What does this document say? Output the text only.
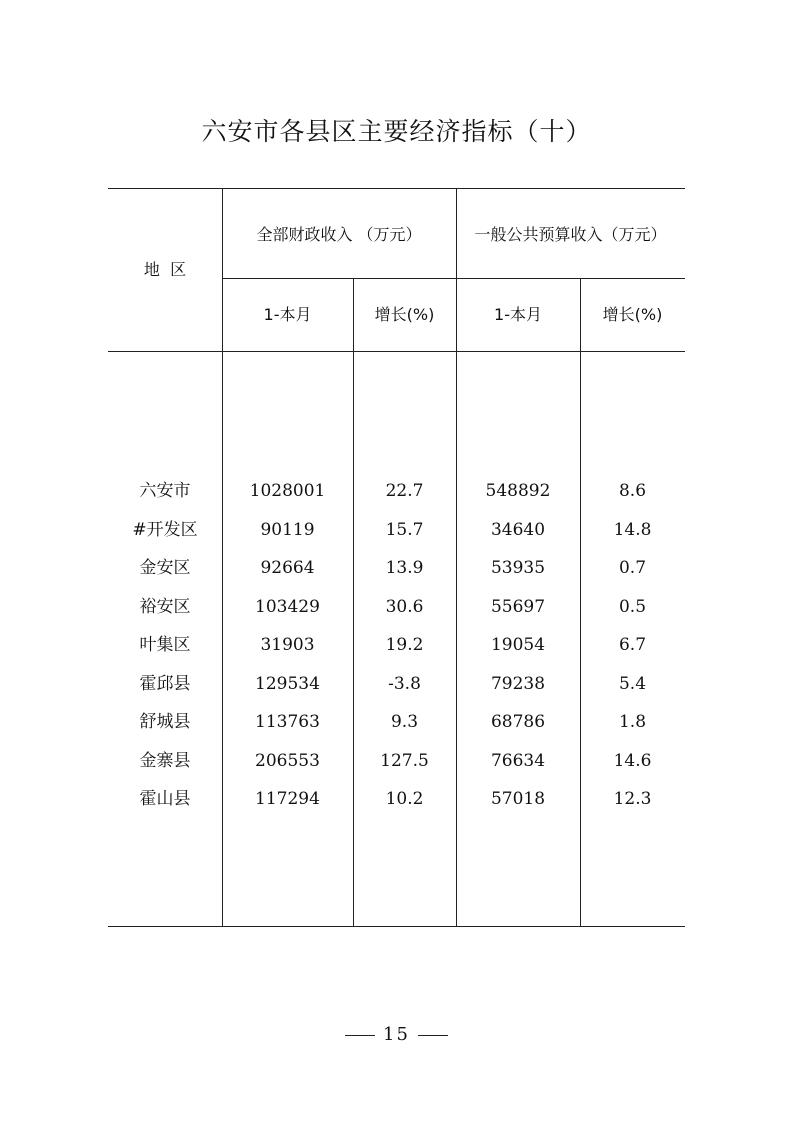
六安市各县区主要经济指标（十）
地  区
全部财政收入 （万元）	一般公共预算收入（万元）
1-本月	增长(%)	1-本月	增长(%)
六安市	1028001	22.7	548892	8.6
#开发区	90119	15.7	34640	14.8
金安区	92664	13.9	53935	0.7
裕安区	103429	30.6	55697	0.5
叶集区	31903	19.2	19054	6.7
霍邱县	129534	-3.8	79238	5.4
舒城县	113763	9.3	68786	1.8
金寨县	206553	127.5	76634	14.6
霍山县	117294	10.2	57018	12.3
15
